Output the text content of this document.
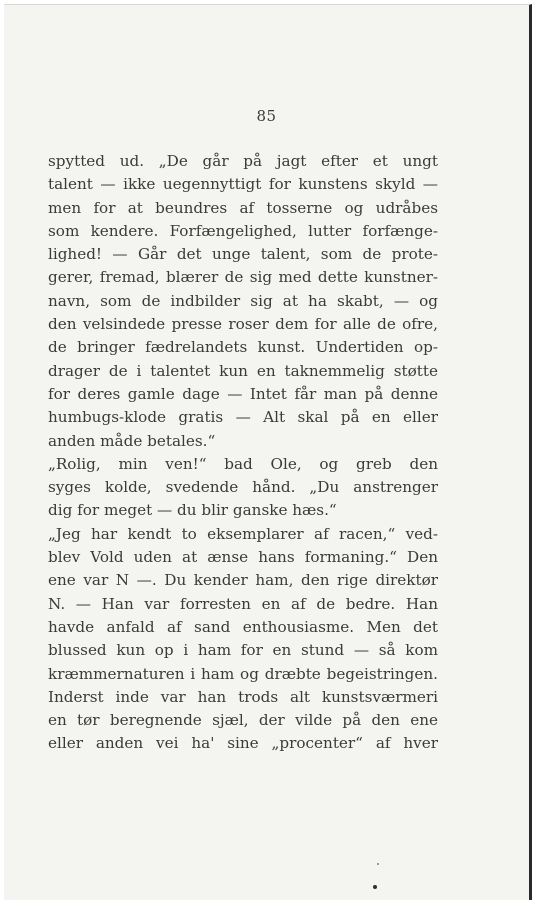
85
spytted ud. „De går på jagt efter et ungt
talent — ikke uegennyttigt for kunstens skyld —
men for at beundres af tosserne og udråbes
som kendere. Forfængelighed, lutter forfænge-
lighed! — Går det unge talent, som de prote-
gerer, fremad, blærer de sig med dette kunstner-
navn, som de indbilder sig at ha skabt, — og
den velsindede presse roser dem for alle de ofre,
de bringer fædrelandets kunst. Undertiden op-
drager de i talentet kun en taknemmelig støtte
for deres gamle dage — Intet får man på denne
humbugs-klode gratis — Alt skal på en eller
anden måde betales.“
„Rolig, min ven!“ bad Ole, og greb den
syges kolde, svedende hånd. „Du anstrenger
dig for meget — du blir ganske hæs.“
„Jeg har kendt to eksemplarer af racen,“ ved-
blev Vold uden at ænse hans formaning.“ Den
ene var N —. Du kender ham, den rige direktør
N. — Han var forresten en af de bedre. Han
havde anfald af sand enthousiasme. Men det
blussed kun op i ham for en stund — så kom
kræmmernaturen i ham og dræbte begeistringen.
Inderst inde var han trods alt kunstsværmeri
en tør beregnende sjæl, der vilde på den ene
eller anden vei ha' sine „procenter“ af hver
